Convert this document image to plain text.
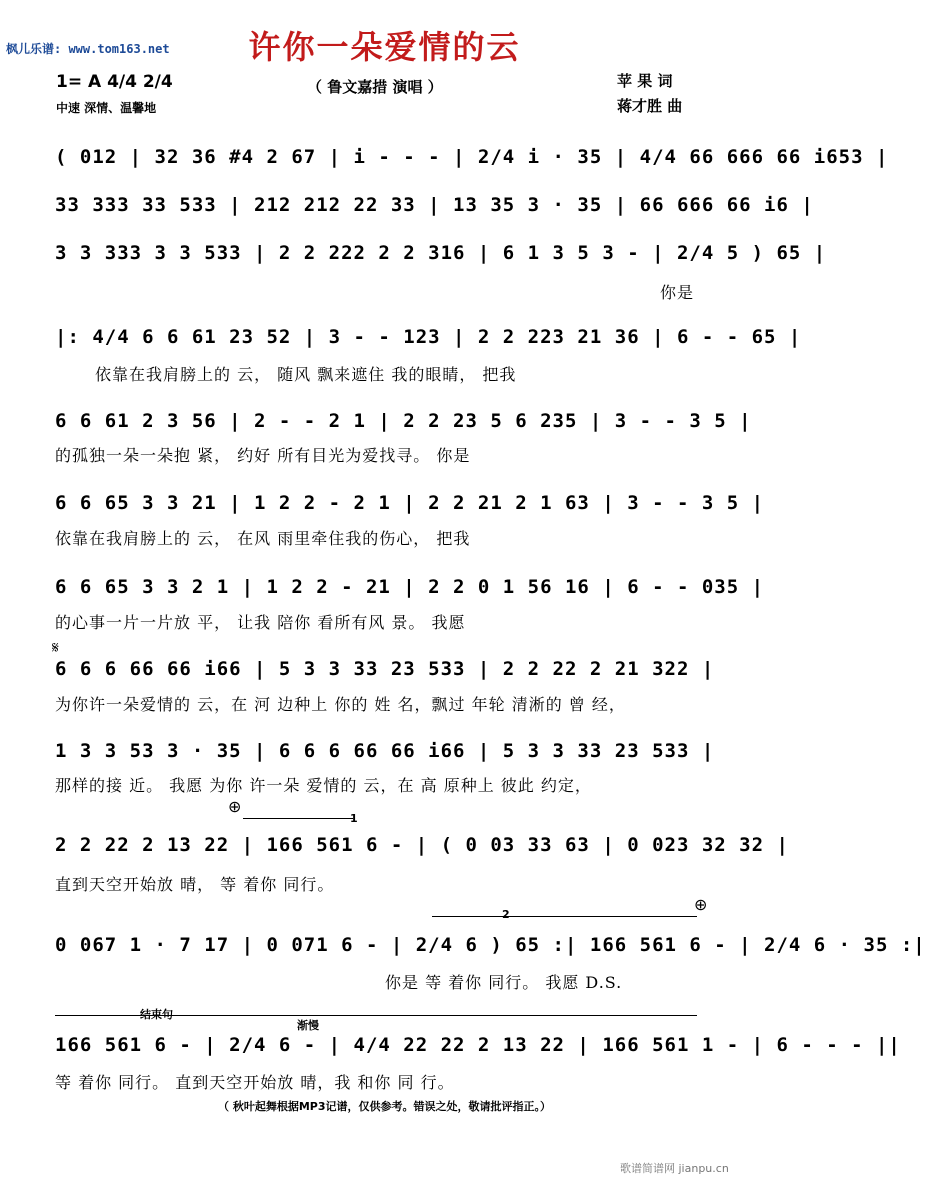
枫儿乐谱: www.tom163.net	许你一朵爱情的云
1= A 4/4 2/4
中速 深情、温馨地
（ 鲁文嘉措 演唱 ）	苹 果 词
蒋才胜 曲
( 012 | 32 36 #4 2 67 | i - - - | 2/4 i · 35 | 4/4 66 666 66 i653 |
33 333 33 533 | 212 212 22 33 | 13 35 3 · 35 | 66 666 66 i6 |
3 3 333 3 3 533 | 2 2 222 2 2 316 | 6 1 3 5 3 - | 2/4 5 ) 65 |
你是
|: 4/4 6 6 61 23 52 | 3 - - 123 | 2 2 223 21 36 | 6 - - 65 |
依靠在我肩膀上的 云， 随风 飘来遮住 我的眼睛， 把我
6 6 61 2 3 56 | 2 - - 2 1 | 2 2 23 5 6 235 | 3 - - 3 5 |
的孤独一朵一朵抱 紧， 约好 所有目光为爱找寻。 你是
6 6 65 3 3 21 | 1 2 2 - 2 1 | 2 2 21 2 1 63 | 3 - - 3 5 |
依靠在我肩膀上的 云， 在风 雨里牵住我的伤心， 把我
6 6 65 3 3 2 1 | 1 2 2 - 21 | 2 2 0 1 56 16 | 6 - - 035 |
的心事一片一片放 平， 让我 陪你 看所有风 景。 我愿
𝄋
6 6 6 66 66 i66 | 5 3 3 33 23 533 | 2 2 22 2 21 322 |
为你许一朵爱情的 云，在 河 边种上 你的 姓 名，飘过 年轮 清淅的 曾 经，
1 3 3 53 3 · 35 | 6 6 6 66 66 i66 | 5 3 3 33 23 533 |
那样的接 近。 我愿 为你 许一朵 爱情的 云，在 高 原种上 彼此 约定，
⊕
1
2 2 22 2 13 22 | 166 561 6 - | ( 0 03 33 63 | 0 023 32 32 |
直到天空开始放 晴， 等 着你 同行。
2
⊕
0 067 1 · 7 17 | 0 071 6 - | 2/4 6 ) 65 :| 166 561 6 - | 2/4 6 · 35 :|
你是 等 着你 同行。 我愿 D.S.
结束句
渐慢
166 561 6 - | 2/4 6 - | 4/4 22 22 2 13 22 | 166 561 1 - | 6 - - - ||
等 着你 同行。 直到天空开始放 晴，我 和你 同 行。
（ 秋叶起舞根据MP3记谱，仅供参考。错误之处，敬请批评指正。）
歌谱简谱网 jianpu.cn
